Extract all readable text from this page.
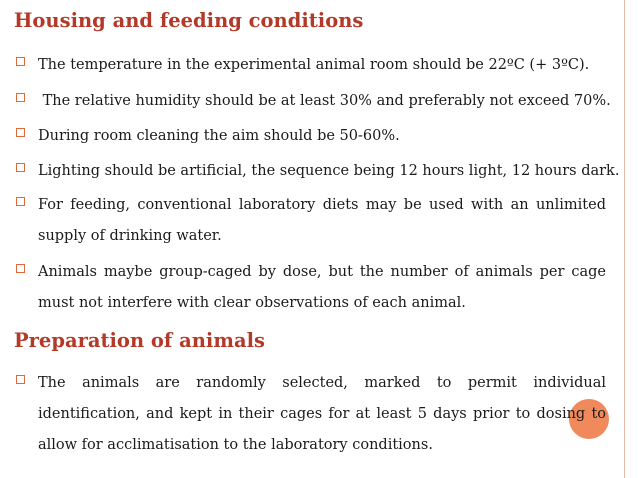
Housing and feeding conditions
The temperature in the experimental animal room should be 22ºC (+ 3ºC).
The relative humidity should be at least 30% and preferably not exceed 70%.
During room cleaning the aim should be 50-60%.
Lighting should be artificial, the sequence being 12 hours light, 12 hours dark.
For feeding, conventional laboratory diets may be used with an unlimited
supply of drinking water.
Animals maybe group-caged by dose, but the number of animals per cage
must not interfere with clear observations of each animal.
Preparation of animals
The animals are randomly selected, marked to permit individual
identification, and kept in their cages for at least 5 days prior to dosing to
allow for acclimatisation to the laboratory conditions.
